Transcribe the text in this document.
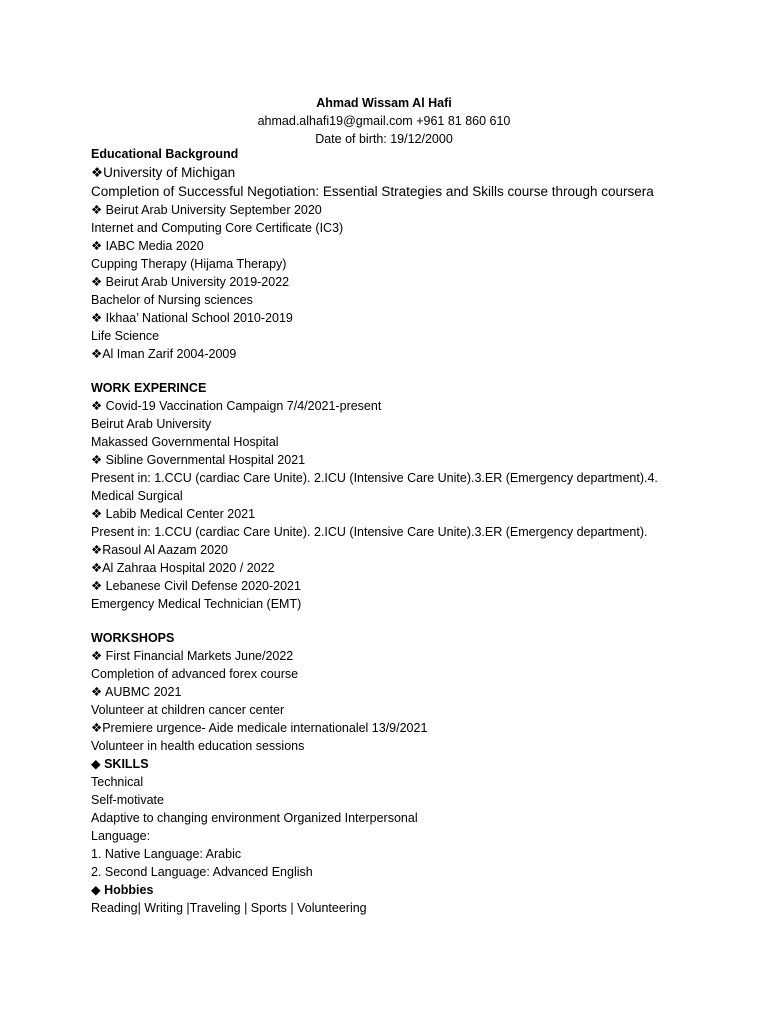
Ahmad Wissam Al Hafi
ahmad.alhafi19@gmail.com +961 81 860 610
Date of birth: 19/12/2000
Educational Background
❖University of Michigan
Completion of Successful Negotiation: Essential Strategies and Skills course through coursera
❖ Beirut Arab University September 2020
Internet and Computing Core Certificate (IC3)
❖ IABC Media 2020
Cupping Therapy (Hijama Therapy)
❖ Beirut Arab University 2019-2022
Bachelor of Nursing sciences
❖ Ikhaa’ National School 2010-2019
Life Science
❖Al Iman Zarif 2004-2009
WORK EXPERINCE
❖ Covid-19 Vaccination Campaign 7/4/2021-present
Beirut Arab University
Makassed Governmental Hospital
❖ Sibline Governmental Hospital 2021
Present in: 1.CCU (cardiac Care Unite). 2.ICU (Intensive Care Unite).3.ER (Emergency department).4.
Medical Surgical
❖ Labib Medical Center 2021
Present in: 1.CCU (cardiac Care Unite). 2.ICU (Intensive Care Unite).3.ER (Emergency department).
❖Rasoul Al Aazam 2020
❖Al Zahraa Hospital 2020 / 2022
❖ Lebanese Civil Defense 2020-2021
Emergency Medical Technician (EMT)
WORKSHOPS
❖ First Financial Markets June/2022
Completion of advanced forex course
❖ AUBMC 2021
Volunteer at children cancer center
❖Premiere urgence- Aide medicale internationalel 13/9/2021
Volunteer in health education sessions
◆ SKILLS
Technical
Self-motivate
Adaptive to changing environment Organized Interpersonal
Language:
1. Native Language: Arabic
2. Second Language: Advanced English
◆ Hobbies
Reading| Writing |Traveling | Sports | Volunteering
